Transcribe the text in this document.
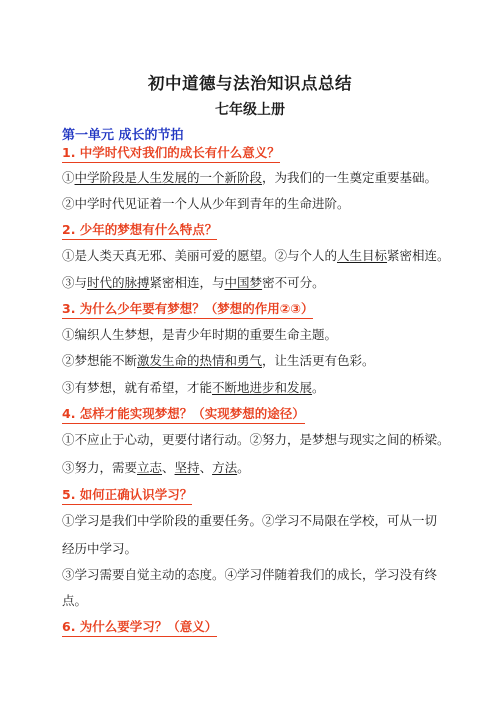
初中道德与法治知识点总结
七年级上册
第一单元 成长的节拍
1. 中学时代对我们的成长有什么意义？
①中学阶段是人生发展的一个新阶段，为我们的一生奠定重要基础。
②中学时代见证着一个人从少年到青年的生命进阶。
2. 少年的梦想有什么特点？
①是人类天真无邪、美丽可爱的愿望。②与个人的人生目标紧密相连。
③与时代的脉搏紧密相连，与中国梦密不可分。
3. 为什么少年要有梦想？（梦想的作用②③）
①编织人生梦想，是青少年时期的重要生命主题。
②梦想能不断激发生命的热情和勇气，让生活更有色彩。
③有梦想，就有希望，才能不断地进步和发展。
4. 怎样才能实现梦想？（实现梦想的途径）
①不应止于心动，更要付诸行动。②努力，是梦想与现实之间的桥梁。
③努力，需要立志、坚持、方法。
5. 如何正确认识学习？
①学习是我们中学阶段的重要任务。②学习不局限在学校，可从一切
经历中学习。
③学习需要自觉主动的态度。④学习伴随着我们的成长，学习没有终
点。
6. 为什么要学习？（意义）
